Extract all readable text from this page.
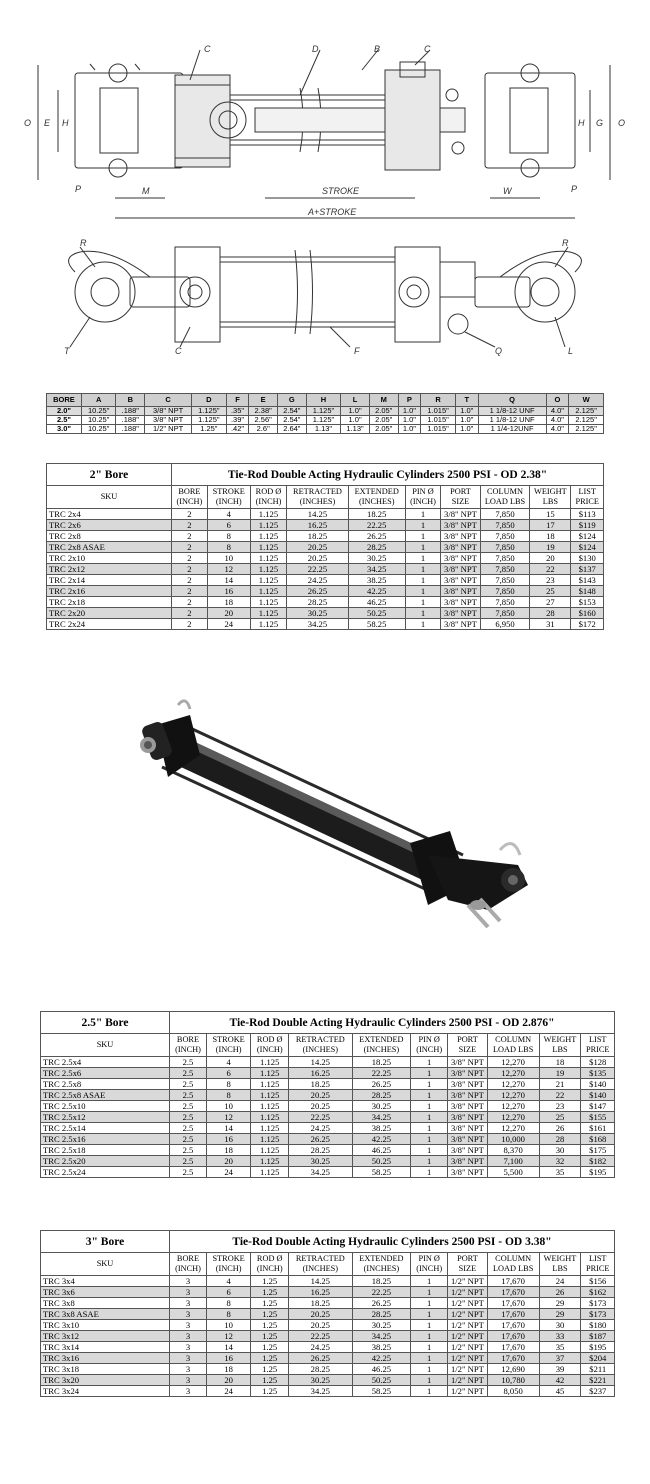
C	D	B	C
O E H
P	M	STROKE
A+STROKE
W	P
H G O
R
T	C	F	Q	L
R
BORE	A	B	C	D	F	E	G	H	L	M	P	R	T	Q	O	W
2.0"	10.25"	.188"	3/8" NPT	1.125"	.35"	2.38"	2.54"	1.125"	1.0"	2.05"	1.0"	1.015"	1.0"	1 1/8-12 UNF	4.0"	2.125"
2.5"	10.25"	.188"	3/8" NPT	1.125"	.39"	2.56"	2.54"	1.125"	1.0"	2.05"	1.0"	1.015"	1.0"	1 1/8-12 UNF	4.0"	2.125"
3.0"	10.25"	.188"	1/2" NPT	1.25"	.42"	2.6"	2.64"	1.13"	1.13"	2.05"	1.0"	1.015"	1.0"	1 1/4-12UNF	4.0"	2.125"
2" Bore	Tie-Rod Double Acting Hydraulic Cylinders 2500 PSI - OD 2.38"									
SKU	BORE (INCH)	STROKE (INCH)	ROD Ø (INCH)	RETRACTED (INCHES)	EXTENDED (INCHES)	PIN Ø (INCH)	PORT SIZE	COLUMN LOAD LBS	WEIGHT LBS	LIST PRICE
TRC 2x4	2	4	1.125	14.25	18.25	1	3/8" NPT	7,850	15	$113
TRC 2x6	2	6	1.125	16.25	22.25	1	3/8" NPT	7,850	17	$119
TRC 2x8	2	8	1.125	18.25	26.25	1	3/8" NPT	7,850	18	$124
TRC 2x8 ASAE	2	8	1.125	20.25	28.25	1	3/8" NPT	7,850	19	$124
TRC 2x10	2	10	1.125	20.25	30.25	1	3/8" NPT	7,850	20	$130
TRC 2x12	2	12	1.125	22.25	34.25	1	3/8" NPT	7,850	22	$137
TRC 2x14	2	14	1.125	24.25	38.25	1	3/8" NPT	7,850	23	$143
TRC 2x16	2	16	1.125	26.25	42.25	1	3/8" NPT	7,850	25	$148
TRC 2x18	2	18	1.125	28.25	46.25	1	3/8" NPT	7,850	27	$153
TRC 2x20	2	20	1.125	30.25	50.25	1	3/8" NPT	7,850	28	$160
TRC 2x24	2	24	1.125	34.25	58.25	1	3/8" NPT	6,950	31	$172
2.5" Bore	Tie-Rod Double Acting Hydraulic Cylinders 2500 PSI - OD 2.876"									
SKU	BORE (INCH)	STROKE (INCH)	ROD Ø (INCH)	RETRACTED (INCHES)	EXTENDED (INCHES)	PIN Ø (INCH)	PORT SIZE	COLUMN LOAD LBS	WEIGHT LBS	LIST PRICE
TRC 2.5x4	2.5	4	1.125	14.25	18.25	1	3/8" NPT	12,270	18	$128
TRC 2.5x6	2.5	6	1.125	16.25	22.25	1	3/8" NPT	12,270	19	$135
TRC 2.5x8	2.5	8	1.125	18.25	26.25	1	3/8" NPT	12,270	21	$140
TRC 2.5x8 ASAE	2.5	8	1.125	20.25	28.25	1	3/8" NPT	12,270	22	$140
TRC 2.5x10	2.5	10	1.125	20.25	30.25	1	3/8" NPT	12,270	23	$147
TRC 2.5x12	2.5	12	1.125	22.25	34.25	1	3/8" NPT	12,270	25	$155
TRC 2.5x14	2.5	14	1.125	24.25	38.25	1	3/8" NPT	12,270	26	$161
TRC 2.5x16	2.5	16	1.125	26.25	42.25	1	3/8" NPT	10,000	28	$168
TRC 2.5x18	2.5	18	1.125	28.25	46.25	1	3/8" NPT	8,370	30	$175
TRC 2.5x20	2.5	20	1.125	30.25	50.25	1	3/8" NPT	7,100	32	$182
TRC 2.5x24	2.5	24	1.125	34.25	58.25	1	3/8" NPT	5,500	35	$195
3" Bore	Tie-Rod Double Acting Hydraulic Cylinders 2500 PSI - OD 3.38"									
SKU	BORE (INCH)	STROKE (INCH)	ROD Ø (INCH)	RETRACTED (INCHES)	EXTENDED (INCHES)	PIN Ø (INCH)	PORT SIZE	COLUMN LOAD LBS	WEIGHT LBS	LIST PRICE
TRC 3x4	3	4	1.25	14.25	18.25	1	1/2" NPT	17,670	24	$156
TRC 3x6	3	6	1.25	16.25	22.25	1	1/2" NPT	17,670	26	$162
TRC 3x8	3	8	1.25	18.25	26.25	1	1/2" NPT	17,670	29	$173
TRC 3x8 ASAE	3	8	1.25	20.25	28.25	1	1/2" NPT	17,670	29	$173
TRC 3x10	3	10	1.25	20.25	30.25	1	1/2" NPT	17,670	30	$180
TRC 3x12	3	12	1.25	22.25	34.25	1	1/2" NPT	17,670	33	$187
TRC 3x14	3	14	1.25	24.25	38.25	1	1/2" NPT	17,670	35	$195
TRC 3x16	3	16	1.25	26.25	42.25	1	1/2" NPT	17,670	37	$204
TRC 3x18	3	18	1.25	28.25	46.25	1	1/2" NPT	12,690	39	$211
TRC 3x20	3	20	1.25	30.25	50.25	1	1/2" NPT	10,780	42	$221
TRC 3x24	3	24	1.25	34.25	58.25	1	1/2" NPT	8,050	45	$237
